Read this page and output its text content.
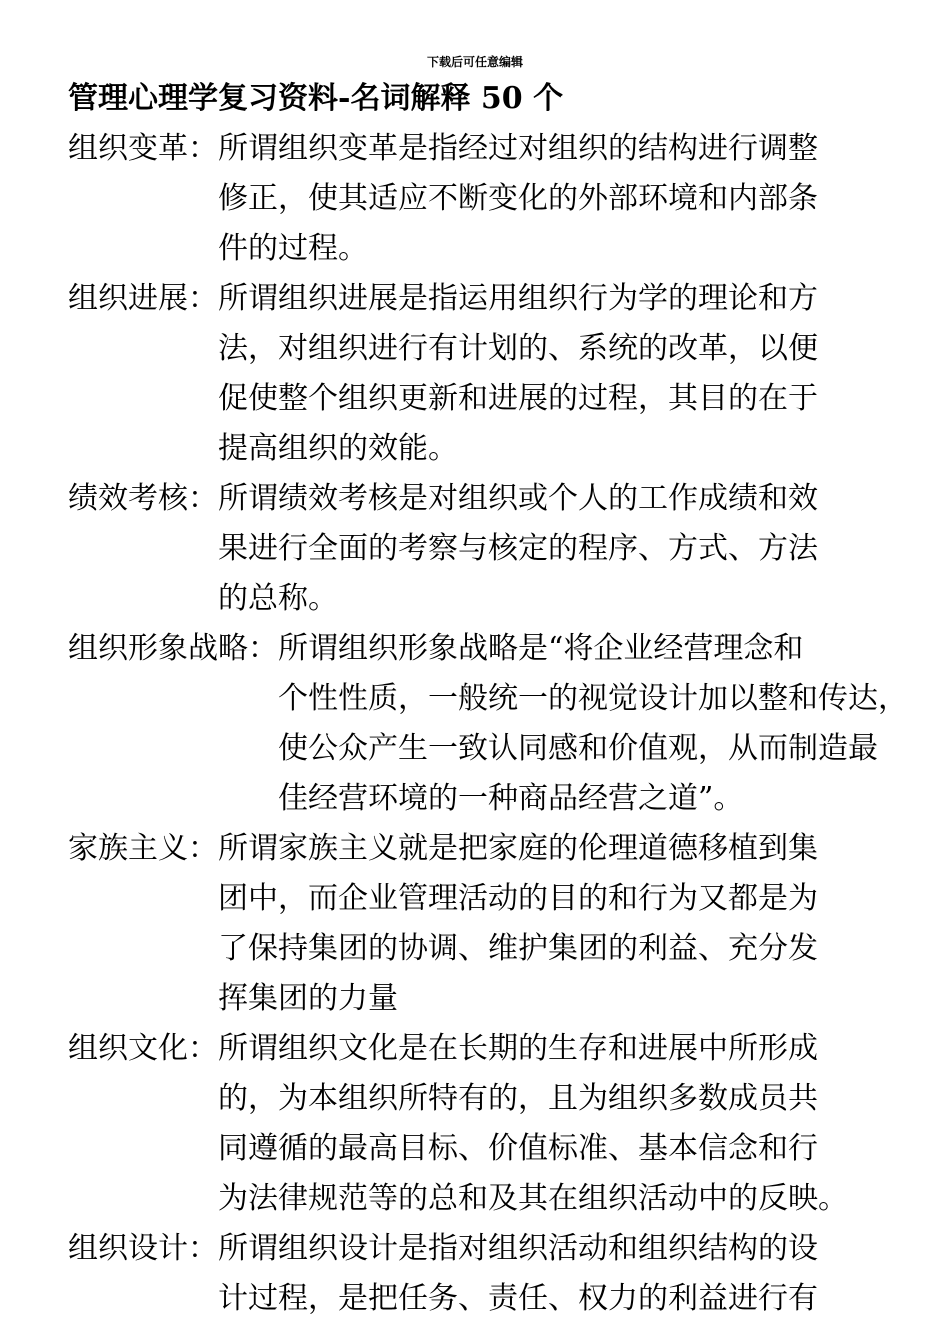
下载后可任意编辑
管理心理学复习资料-名词解释 50 个
组织变革： 所谓组织变革是指经过对组织的结构进行调整
修正，使其适应不断变化的外部环境和内部条
件的过程。
组织进展： 所谓组织进展是指运用组织行为学的理论和方
法，对组织进行有计划的、系统的改革，以便
促使整个组织更新和进展的过程，其目的在于
提高组织的效能。
绩效考核： 所谓绩效考核是对组织或个人的工作成绩和效
果进行全面的考察与核定的程序、方式、方法
的总称。
组织形象战略： 所谓组织形象战略是“将企业经营理念和
个性性质，一般统一的视觉设计加以整和传达，
使公众产生一致认同感和价值观，从而制造最
佳经营环境的一种商品经营之道”。
家族主义： 所谓家族主义就是把家庭的伦理道德移植到集
团中，而企业管理活动的目的和行为又都是为
了保持集团的协调、维护集团的利益、充分发
挥集团的力量
组织文化： 所谓组织文化是在长期的生存和进展中所形成
的，为本组织所特有的，且为组织多数成员共
同遵循的最高目标、价值标准、基本信念和行
为法律规范等的总和及其在组织活动中的反映。
组织设计： 所谓组织设计是指对组织活动和组织结构的设
计过程，是把任务、责任、权力的利益进行有
